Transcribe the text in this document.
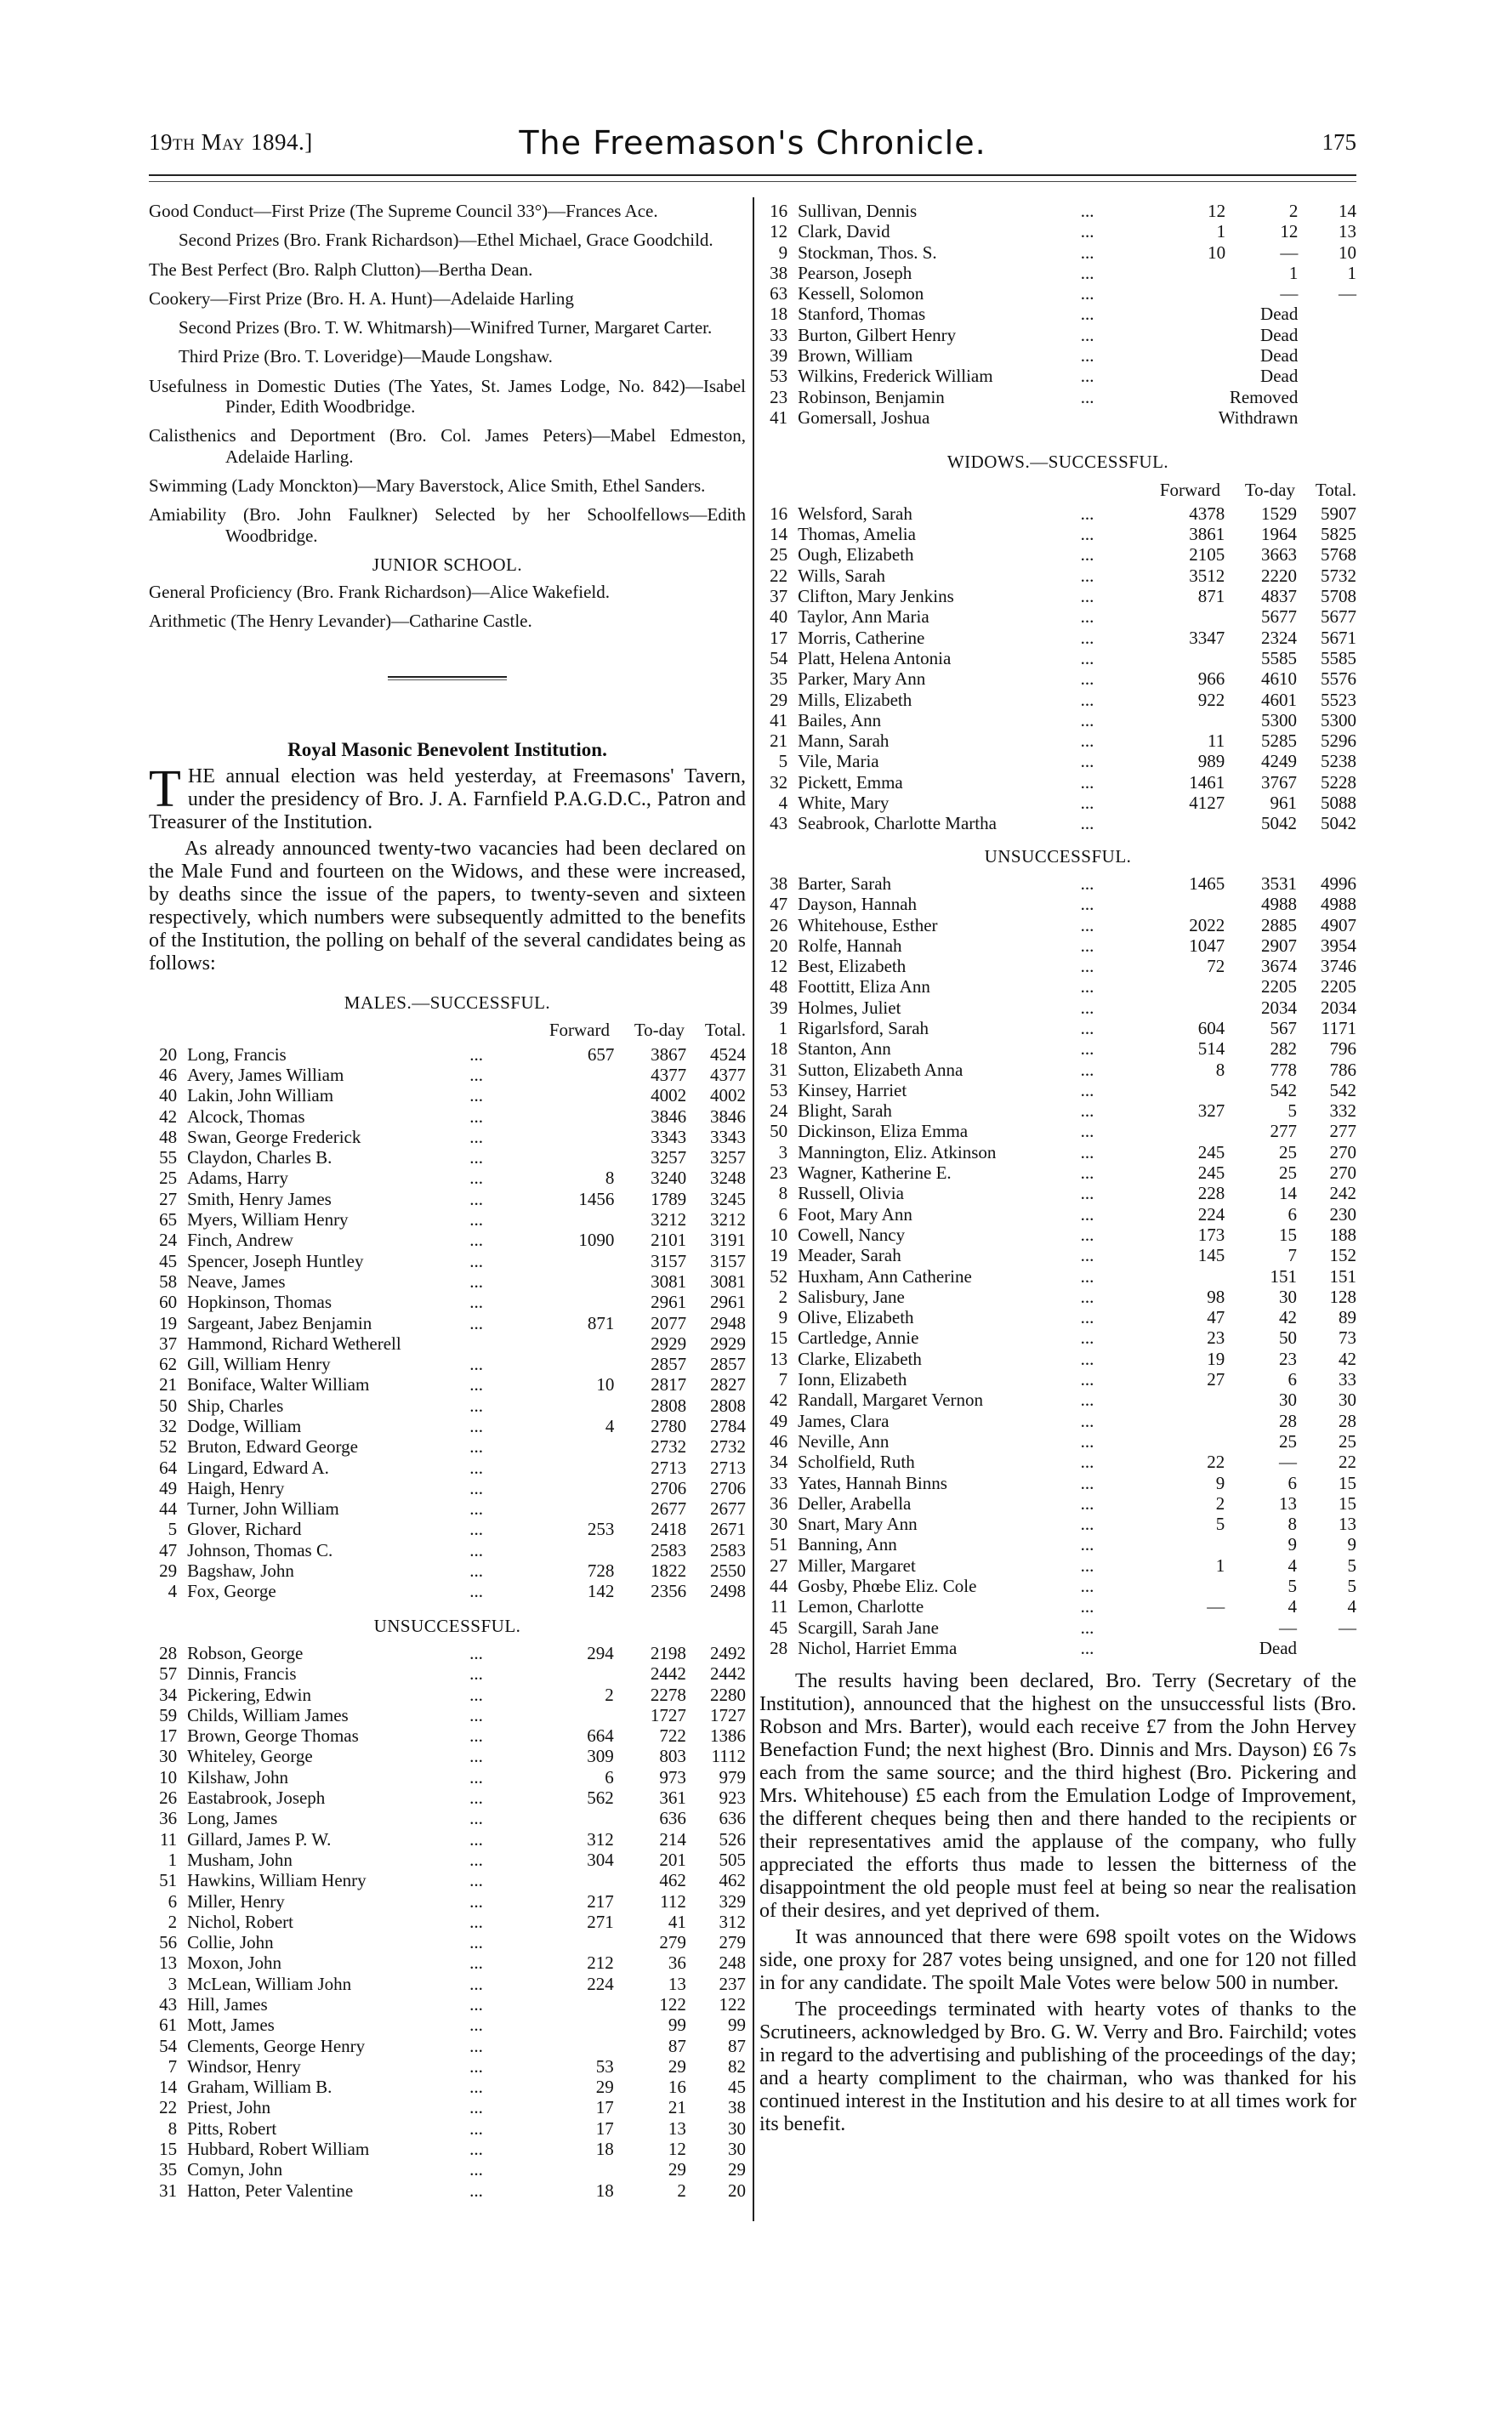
19th May 1894.]	The Freemason's Chronicle.	175
Good Conduct—First Prize (The Supreme Council 33°)—Frances Ace.
Second Prizes (Bro. Frank Richardson)—Ethel Michael, Grace Goodchild.
The Best Perfect (Bro. Ralph Clutton)—Bertha Dean.
Cookery—First Prize (Bro. H. A. Hunt)—Adelaide Harling
Second Prizes (Bro. T. W. Whitmarsh)—Winifred Turner, Margaret Carter.
Third Prize (Bro. T. Loveridge)—Maude Longshaw.
Usefulness in Domestic Duties (The Yates, St. James Lodge, No. 842)—Isabel Pinder, Edith Woodbridge.
Calisthenics and Deportment (Bro. Col. James Peters)—Mabel Edmeston, Adelaide Harling.
Swimming (Lady Monckton)—Mary Baverstock, Alice Smith, Ethel Sanders.
Amiability (Bro. John Faulkner) Selected by her Schoolfellows—Edith Woodbridge.
JUNIOR SCHOOL.
General Proficiency (Bro. Frank Richardson)—Alice Wakefield.
Arithmetic (The Henry Levander)—Catharine Castle.
Royal Masonic Benevolent Institution.

THE annual election was held yesterday, at Freemasons' Tavern, under the presidency of Bro. J. A. Farnfield P.A.G.D.C., Patron and Treasurer of the Institution.

As already announced twenty-two vacancies had been declared on the Male Fund and fourteen on the Widows, and these were increased, by deaths since the issue of the papers, to twenty-seven and sixteen respectively, which numbers were subsequently admitted to the benefits of the Institution, the polling on behalf of the several candidates being as follows:

MALES.—SUCCESSFUL.
Forward	To-day	Total.
20	Long, Francis	...	657	3867	4524
46	Avery, James William	...		4377	4377
40	Lakin, John William	...		4002	4002
42	Alcock, Thomas	...		3846	3846
48	Swan, George Frederick	...		3343	3343
55	Claydon, Charles B.	...		3257	3257
25	Adams, Harry	...	8	3240	3248
27	Smith, Henry James	...	1456	1789	3245
65	Myers, William Henry	...		3212	3212
24	Finch, Andrew	...	1090	2101	3191
45	Spencer, Joseph Huntley	...		3157	3157
58	Neave, James	...		3081	3081
60	Hopkinson, Thomas	...		2961	2961
19	Sargeant, Jabez Benjamin	...	871	2077	2948
37	Hammond, Richard Wetherell			2929	2929
62	Gill, William Henry	...		2857	2857
21	Boniface, Walter William	...	10	2817	2827
50	Ship, Charles	...		2808	2808
32	Dodge, William	...	4	2780	2784
52	Bruton, Edward George	...		2732	2732
64	Lingard, Edward A.	...		2713	2713
49	Haigh, Henry	...		2706	2706
44	Turner, John William	...		2677	2677
5	Glover, Richard	...	253	2418	2671
47	Johnson, Thomas C.	...		2583	2583
29	Bagshaw, John	...	728	1822	2550
4	Fox, George	...	142	2356	2498
UNSUCCESSFUL.
28	Robson, George	...	294	2198	2492
57	Dinnis, Francis	...		2442	2442
34	Pickering, Edwin	...	2	2278	2280
59	Childs, William James	...		1727	1727
17	Brown, George Thomas	...	664	722	1386
30	Whiteley, George	...	309	803	1112
10	Kilshaw, John	...	6	973	979
26	Eastabrook, Joseph	...	562	361	923
36	Long, James	...		636	636
11	Gillard, James P. W.	...	312	214	526
1	Musham, John	...	304	201	505
51	Hawkins, William Henry	...		462	462
6	Miller, Henry	...	217	112	329
2	Nichol, Robert	...	271	41	312
56	Collie, John	...		279	279
13	Moxon, John	...	212	36	248
3	McLean, William John	...	224	13	237
43	Hill, James	...		122	122
61	Mott, James	...		99	99
54	Clements, George Henry	...		87	87
7	Windsor, Henry	...	53	29	82
14	Graham, William B.	...	29	16	45
22	Priest, John	...	17	21	38
8	Pitts, Robert	...	17	13	30
15	Hubbard, Robert William	...	18	12	30
35	Comyn, John	...		29	29
31	Hatton, Peter Valentine	...	18	2	20
16	Sullivan, Dennis	...	12	2	14
12	Clark, David	...	1	12	13
9	Stockman, Thos. S.	...	10	—	10
38	Pearson, Joseph	...		1	1
63	Kessell, Solomon	...		—	—
18	Stanford, Thomas	...	Dead		
33	Burton, Gilbert Henry	...	Dead		
39	Brown, William	...	Dead		
53	Wilkins, Frederick William	...	Dead		
23	Robinson, Benjamin	...	Removed		
41	Gomersall, Joshua		Withdrawn		
WIDOWS.—SUCCESSFUL.
Forward	To-day	Total.
16	Welsford, Sarah	...	4378	1529	5907
14	Thomas, Amelia	...	3861	1964	5825
25	Ough, Elizabeth	...	2105	3663	5768
22	Wills, Sarah	...	3512	2220	5732
37	Clifton, Mary Jenkins	...	871	4837	5708
40	Taylor, Ann Maria	...		5677	5677
17	Morris, Catherine	...	3347	2324	5671
54	Platt, Helena Antonia	...		5585	5585
35	Parker, Mary Ann	...	966	4610	5576
29	Mills, Elizabeth	...	922	4601	5523
41	Bailes, Ann	...		5300	5300
21	Mann, Sarah	...	11	5285	5296
5	Vile, Maria	...	989	4249	5238
32	Pickett, Emma	...	1461	3767	5228
4	White, Mary	...	4127	961	5088
43	Seabrook, Charlotte Martha	...		5042	5042
UNSUCCESSFUL.
38	Barter, Sarah	...	1465	3531	4996
47	Dayson, Hannah	...		4988	4988
26	Whitehouse, Esther	...	2022	2885	4907
20	Rolfe, Hannah	...	1047	2907	3954
12	Best, Elizabeth	...	72	3674	3746
48	Foottitt, Eliza Ann	...		2205	2205
39	Holmes, Juliet	...		2034	2034
1	Rigarlsford, Sarah	...	604	567	1171
18	Stanton, Ann	...	514	282	796
31	Sutton, Elizabeth Anna	...	8	778	786
53	Kinsey, Harriet	...		542	542
24	Blight, Sarah	...	327	5	332
50	Dickinson, Eliza Emma	...		277	277
3	Mannington, Eliz. Atkinson	...	245	25	270
23	Wagner, Katherine E.	...	245	25	270
8	Russell, Olivia	...	228	14	242
6	Foot, Mary Ann	...	224	6	230
10	Cowell, Nancy	...	173	15	188
19	Meader, Sarah	...	145	7	152
52	Huxham, Ann Catherine	...		151	151
2	Salisbury, Jane	...	98	30	128
9	Olive, Elizabeth	...	47	42	89
15	Cartledge, Annie	...	23	50	73
13	Clarke, Elizabeth	...	19	23	42
7	Ionn, Elizabeth	...	27	6	33
42	Randall, Margaret Vernon	...		30	30
49	James, Clara	...		28	28
46	Neville, Ann	...		25	25
34	Scholfield, Ruth	...	22	—	22
33	Yates, Hannah Binns	...	9	6	15
36	Deller, Arabella	...	2	13	15
30	Snart, Mary Ann	...	5	8	13
51	Banning, Ann	...		9	9
27	Miller, Margaret	...	1	4	5
44	Gosby, Phœbe Eliz. Cole	...		5	5
11	Lemon, Charlotte	...	—	4	4
45	Scargill, Sarah Jane	...		—	—
28	Nichol, Harriet Emma	...	Dead		

The results having been declared, Bro. Terry (Secretary of the Institution), announced that the highest on the unsuccessful lists (Bro. Robson and Mrs. Barter), would each receive £7 from the John Hervey Benefaction Fund; the next highest (Bro. Dinnis and Mrs. Dayson) £6 7s each from the same source; and the third highest (Bro. Pickering and Mrs. Whitehouse) £5 each from the Emulation Lodge of Improvement, the different cheques being then and there handed to the recipients or their representatives amid the applause of the company, who fully appreciated the efforts thus made to lessen the bitterness of the disappointment the old people must feel at being so near the realisation of their desires, and yet deprived of them.

It was announced that there were 698 spoilt votes on the Widows side, one proxy for 287 votes being unsigned, and one for 120 not filled in for any candidate. The spoilt Male Votes were below 500 in number.

The proceedings terminated with hearty votes of thanks to the Scrutineers, acknowledged by Bro. G. W. Verry and Bro. Fairchild; votes in regard to the advertising and publishing of the proceedings of the day; and a hearty compliment to the chairman, who was thanked for his continued interest in the Institution and his desire to at all times work for its benefit.
